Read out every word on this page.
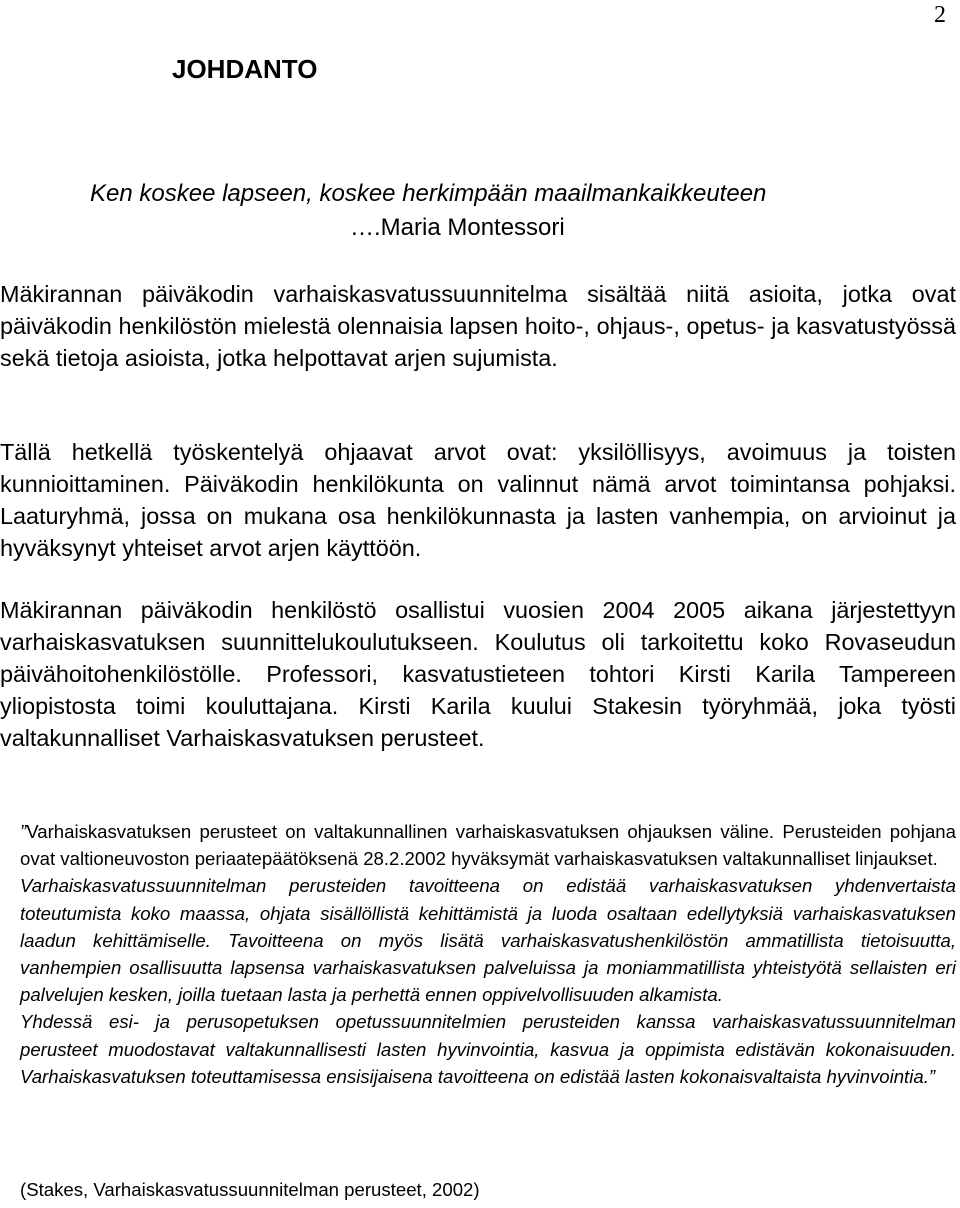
2
JOHDANTO

Ken koskee lapseen, koskee herkimpään maailmankaikkeuteen

….Maria Montessori

Mäkirannan päiväkodin varhaiskasvatussuunnitelma sisältää niitä asioita, jotka ovat päiväkodin henkilöstön mielestä olennaisia lapsen hoito-, ohjaus-, opetus- ja kasvatustyössä sekä tietoja asioista, jotka helpottavat arjen sujumista.

Tällä hetkellä työskentelyä ohjaavat arvot ovat: yksilöllisyys, avoimuus ja toisten kunnioittaminen. Päiväkodin henkilökunta on valinnut nämä arvot toimintansa pohjaksi. Laaturyhmä, jossa on mukana osa henkilökunnasta ja lasten vanhempia, on arvioinut ja hyväksynyt yhteiset arvot arjen käyttöön.

Mäkirannan päiväkodin henkilöstö osallistui vuosien 2004 2005 aikana järjestettyyn varhaiskasvatuksen suunnittelukoulutukseen. Koulutus oli tarkoitettu koko Rovaseudun päivähoitohenkilöstölle. Professori, kasvatustieteen tohtori Kirsti Karila Tampereen yliopistosta toimi kouluttajana. Kirsti Karila kuului Stakesin työryhmää, joka työsti valtakunnalliset Varhaiskasvatuksen perusteet.

”Varhaiskasvatuksen perusteet on valtakunnallinen varhaiskasvatuksen ohjauksen väline. Perusteiden pohjana ovat valtioneuvoston periaatepäätöksenä 28.2.2002 hyväksymät varhaiskasvatuksen valtakunnalliset linjaukset.

Varhaiskasvatussuunnitelman perusteiden tavoitteena on edistää varhaiskasvatuksen yhdenvertaista toteutumista koko maassa, ohjata sisällöllistä kehittämistä ja luoda osaltaan edellytyksiä varhaiskasvatuksen laadun kehittämiselle. Tavoitteena on myös lisätä varhaiskasvatushenkilöstön ammatillista tietoisuutta, vanhempien osallisuutta lapsensa varhaiskasvatuksen palveluissa ja moniammatillista yhteistyötä sellaisten eri palvelujen kesken, joilla tuetaan lasta ja perhettä ennen oppivelvollisuuden alkamista.

Yhdessä esi- ja perusopetuksen opetussuunnitelmien perusteiden kanssa varhaiskasvatussuunnitelman perusteet muodostavat valtakunnallisesti lasten hyvinvointia, kasvua ja oppimista edistävän kokonaisuuden. Varhaiskasvatuksen toteuttamisessa ensisijaisena tavoitteena on edistää lasten kokonaisvaltaista hyvinvointia.”

(Stakes, Varhaiskasvatussuunnitelman perusteet, 2002)
